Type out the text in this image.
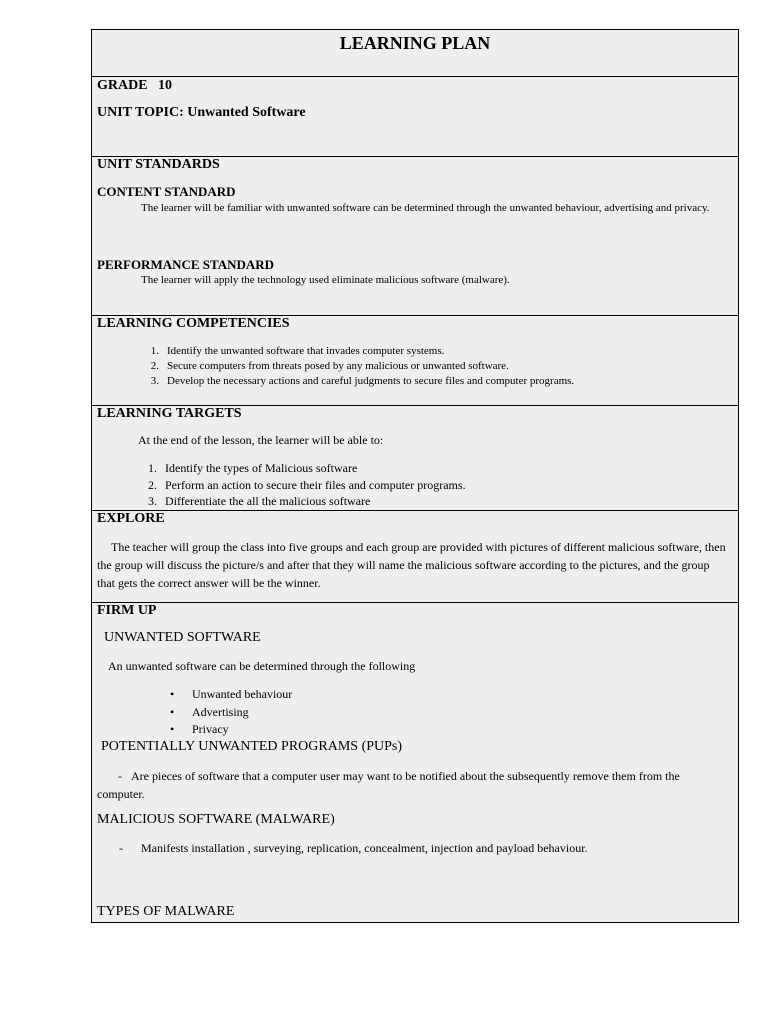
LEARNING PLAN
GRADE   10
UNIT TOPIC: Unwanted Software
UNIT STANDARDS
CONTENT STANDARD
The learner will be familiar with unwanted software can be determined through the unwanted behaviour, advertising and privacy.
PERFORMANCE STANDARD
The learner will apply the technology used eliminate malicious software (malware).
LEARNING COMPETENCIES
1. Identify the unwanted software that invades computer systems.
2. Secure computers from threats posed by any malicious or unwanted software.
3. Develop the necessary actions and careful judgments to secure files and computer programs.
LEARNING TARGETS
At the end of the lesson, the learner will be able to:
1. Identify the types of Malicious software
2. Perform an action to secure their files and computer programs.
3. Differentiate the all the malicious software
EXPLORE
The teacher will group the class into five groups and each group are provided with pictures of different malicious software, then the group will discuss the picture/s and after that they will name the malicious software according to the pictures, and the group that gets the correct answer will be the winner.
FIRM UP
UNWANTED SOFTWARE
An unwanted software can be determined through the following
• Unwanted behaviour
• Advertising
• Privacy
POTENTIALLY UNWANTED PROGRAMS (PUPs)
- Are pieces of software that a computer user may want to be notified about the subsequently remove them from the computer.
MALICIOUS SOFTWARE (MALWARE)
- Manifests installation , surveying, replication, concealment, injection and payload behaviour.
TYPES OF MALWARE
